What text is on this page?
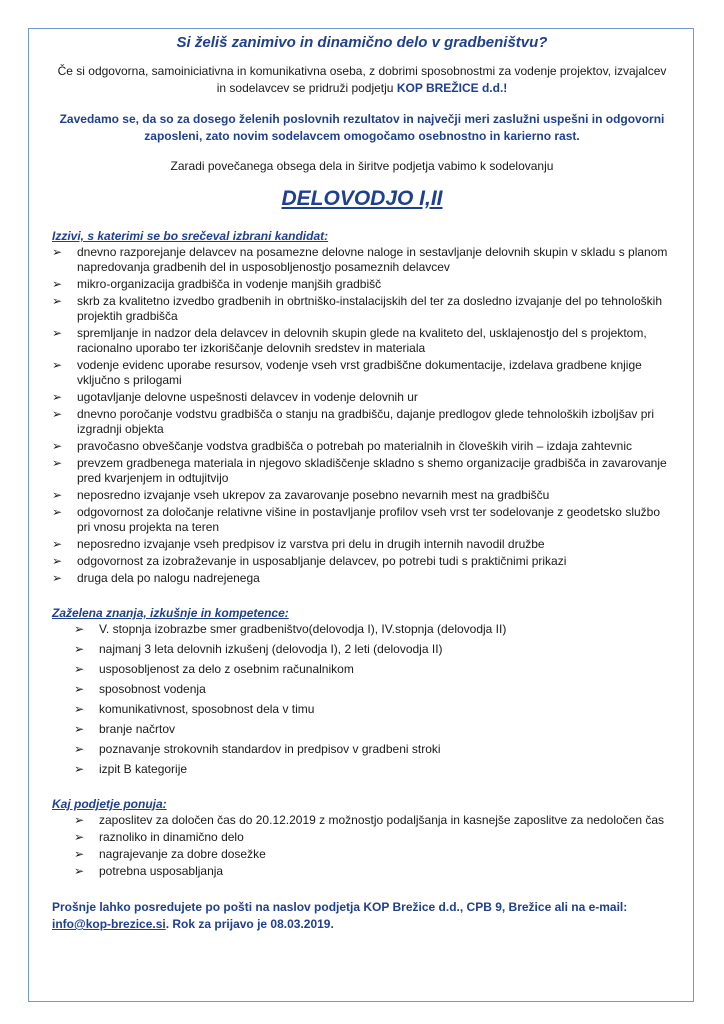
Si želiš zanimivo in dinamično delo v gradbeništvu?

Če si odgovorna, samoiniciativna in komunikativna oseba, z dobrimi sposobnostmi za vodenje projektov, izvajalcev in sodelavcev se pridruži podjetju KOP BREŽICE d.d.!

Zavedamo se, da so za dosego želenih poslovnih rezultatov in največji meri zaslužni uspešni in odgovorni zaposleni, zato novim sodelavcem omogočamo osebnostno in karierno rast.

Zaradi povečanega obsega dela in širitve podjetja vabimo k sodelovanju

DELOVODJO I,II

Izzivi, s katerimi se bo srečeval izbrani kandidat:

➢ dnevno razporejanje delavcev na posamezne delovne naloge in sestavljanje delovnih skupin v skladu s planom napredovanja gradbenih del in usposobljenostjo posameznih delavcev
➢ mikro-organizacija gradbišča in vodenje manjših gradbišč
➢ skrb za kvalitetno izvedbo gradbenih in obrtniško-instalacijskih del ter za dosledno izvajanje del po tehnoloških projektih gradbišča
➢ spremljanje in nadzor dela delavcev in delovnih skupin glede na kvaliteto del, usklajenostjo del s projektom, racionalno uporabo ter izkoriščanje delovnih sredstev in materiala
➢ vodenje evidenc uporabe resursov, vodenje vseh vrst gradbiščne dokumentacije, izdelava gradbene knjige vključno s prilogami
➢ ugotavljanje delovne uspešnosti delavcev in vodenje delovnih ur
➢ dnevno poročanje vodstvu gradbišča o stanju na gradbišču, dajanje predlogov glede tehnoloških izboljšav pri izgradnji objekta
➢ pravočasno obveščanje vodstva gradbišča o potrebah po materialnih in človeških virih – izdaja zahtevnic
➢ prevzem gradbenega materiala in njegovo skladiščenje skladno s shemo organizacije gradbišča in zavarovanje pred kvarjenjem in odtujitvijo
➢ neposredno izvajanje vseh ukrepov za zavarovanje posebno nevarnih mest na gradbišču
➢ odgovornost za določanje relativne višine in postavljanje profilov vseh vrst ter sodelovanje z geodetsko službo pri vnosu projekta na teren
➢ neposredno izvajanje vseh predpisov iz varstva pri delu in drugih internih navodil družbe
➢ odgovornost za izobraževanje in usposabljanje delavcev, po potrebi tudi s praktičnimi prikazi
➢ druga dela po nalogu nadrejenega

Zaželena znanja, izkušnje in kompetence:

➢ V. stopnja izobrazbe smer gradbeništvo(delovodja I), IV.stopnja (delovodja II)
➢ najmanj 3 leta delovnih izkušenj (delovodja I), 2 leti (delovodja II)
➢ usposobljenost za delo z osebnim računalnikom
➢ sposobnost vodenja
➢ komunikativnost, sposobnost dela v timu
➢ branje načrtov
➢ poznavanje strokovnih standardov in predpisov v gradbeni stroki
➢ izpit B kategorije

Kaj podjetje ponuja:

➢ zaposlitev za določen čas do 20.12.2019 z možnostjo podaljšanja in kasnejše zaposlitve za nedoločen čas
➢ raznoliko in dinamično delo
➢ nagrajevanje za dobre dosežke
➢ potrebna usposabljanja

Prošnje lahko posredujete po pošti na naslov podjetja KOP Brežice d.d., CPB 9, Brežice ali na e-mail: info@kop-brezice.si. Rok za prijavo je 08.03.2019.
